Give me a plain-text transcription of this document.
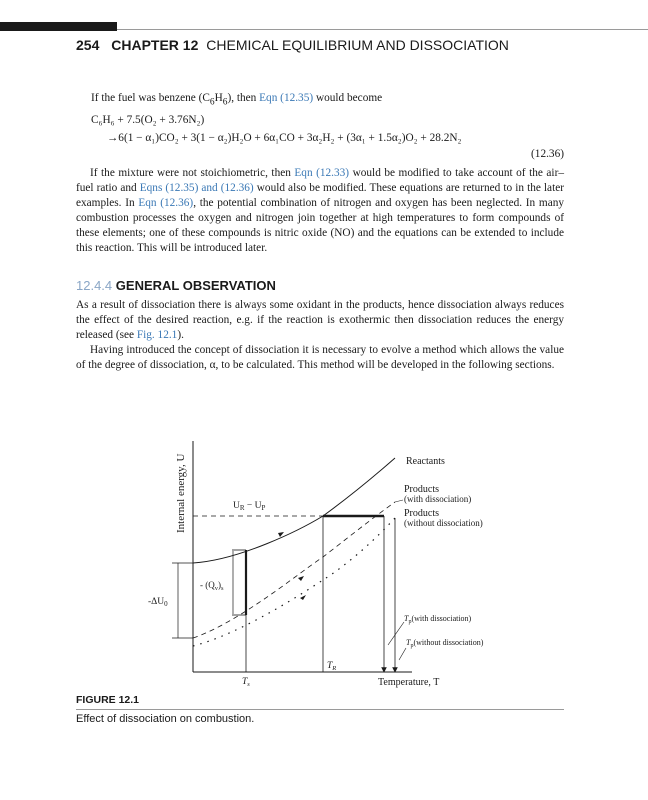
254 CHAPTER 12 CHEMICAL EQUILIBRIUM AND DISSOCIATION
If the fuel was benzene $(C_6H_6)$, then Eqn (12.35) would become
C₆H₆ + 7.5(O₂ + 3.76N₂)
→6(1 − α₁)CO₂ + 3(1 − α₂)H₂O + 6α₁CO + 3α₂H₂ + (3α₁ + 1.5α₂)O₂ + 28.2N₂
(12.36)
If the mixture were not stoichiometric, then Eqn (12.33) would be modified to take account of the air–fuel ratio and Eqns (12.35) and (12.36) would also be modified. These equations are returned to in the later examples. In Eqn (12.36), the potential combination of nitrogen and oxygen has been neglected. In many combustion processes the oxygen and nitrogen join together at high temperatures to form compounds of these elements; one of these compounds is nitric oxide (NO) and the equations can be extended to include this reaction. This will be introduced later.
12.4.4 GENERAL OBSERVATION
As a result of dissociation there is always some oxidant in the products, hence dissociation always reduces the effect of the desired reaction, e.g. if the reaction is exothermic then dissociation reduces the energy released (see Fig. 12.1).
Having introduced the concept of dissociation it is necessary to evolve a method which allows the value of the degree of dissociation, α, to be calculated. This method will be developed in the following sections.
Internal energy, U
Temperature, T
Reactants
Products
(with dissociation)
Products
(without dissociation)
$U_R - U_P$
- $(Q_v)_s$
$-\Delta U_0$
$T_s$
$T_R$
$T_p(with$ dissociation)
$T_p(without$ dissociation)
FIGURE 12.1
Effect of dissociation on combustion.
